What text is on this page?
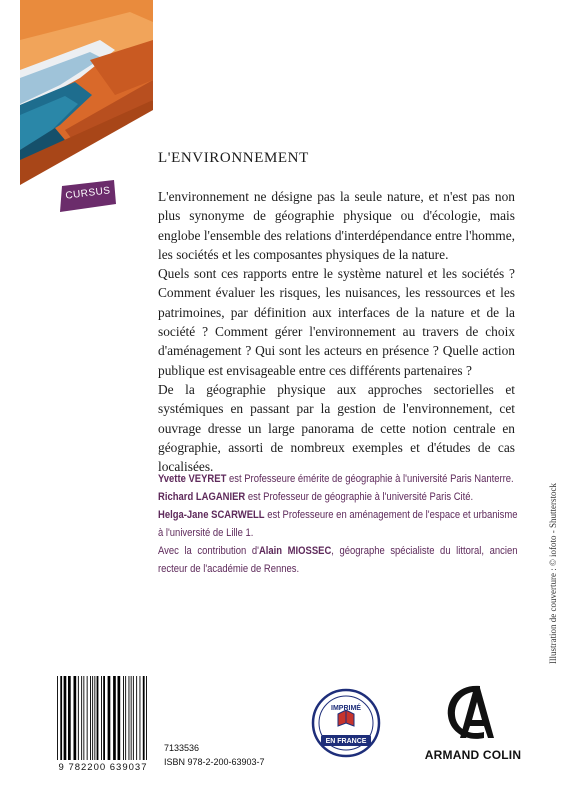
CURSUS
L'ENVIRONNEMENT

L'environnement ne désigne pas la seule nature, et n'est pas non plus synonyme de géographie physique ou d'écologie, mais englobe l'ensemble des relations d'interdépendance entre l'homme, les sociétés et les composantes physiques de la nature.

Quels sont ces rapports entre le système naturel et les sociétés ? Comment évaluer les risques, les nuisances, les ressources et les patrimoines, par définition aux interfaces de la nature et de la société ? Comment gérer l'environnement au travers de choix d'aménagement ? Qui sont les acteurs en présence ? Quelle action publique est envisageable entre ces différents partenaires ?

De la géographie physique aux approches sectorielles et systémiques en passant par la gestion de l'environnement, cet ouvrage dresse un large panorama de cette notion centrale en géographie, assorti de nombreux exemples et d'études de cas localisées.

Yvette VEYRET est Professeure émérite de géographie à l'université Paris Nanterre.

Richard LAGANIER est Professeur de géographie à l'université Paris Cité.

Helga-Jane SCARWELL est Professeure en aménagement de l'espace et urbanisme à l'université de Lille 1.

Avec la contribution d'Alain MIOSSEC, géographe spécialiste du littoral, ancien recteur de l'académie de Rennes.	Illustration de couverture : © iofoto - Shutterstock
9 782200 639037
7133536
ISBN 978-2-200-63903-7
IMPRIMÉ
EN FRANCE
ARMAND COLIN
